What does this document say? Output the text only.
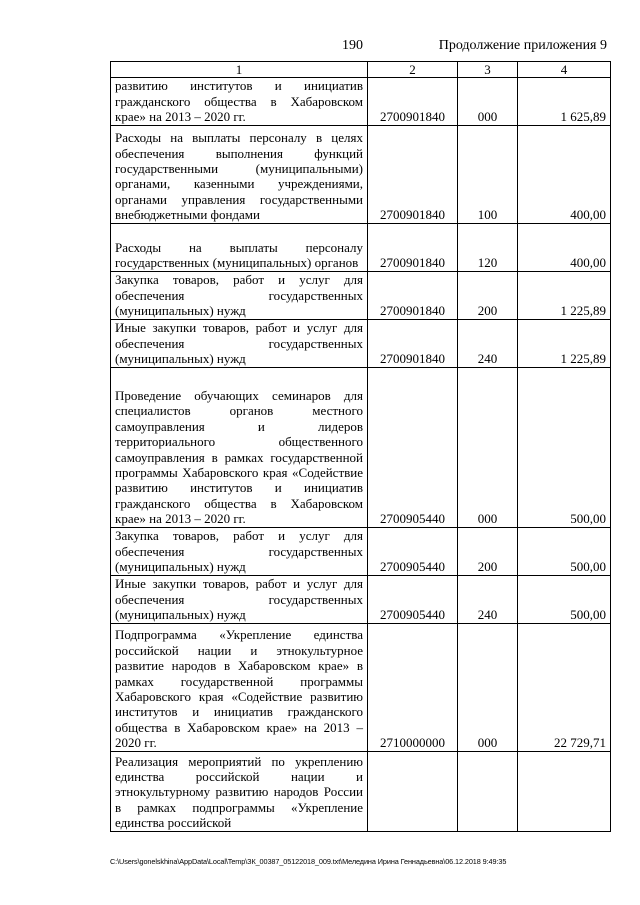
190	Продолжение приложения 9
1	2	3	4
развитию институтов и инициатив гражданского общества в Хабаровском крае» на 2013 – 2020 гг.	2700901840	000	1 625,89
Расходы на выплаты персоналу в целях обеспечения выполнения функций государственными (муниципальными) органами, казенными учреждениями, органами управления государственными внебюджетными фондами	2700901840	100	400,00
Расходы на выплаты персоналу государственных (муниципальных) органов	2700901840	120	400,00
Закупка товаров, работ и услуг для обеспечения государственных (муниципальных) нужд	2700901840	200	1 225,89
Иные закупки товаров, работ и услуг для обеспечения государственных (муниципальных) нужд	2700901840	240	1 225,89
Проведение обучающих семинаров для специалистов органов местного самоуправления и лидеров территориального общественного самоуправления в рамках государственной программы Хабаровского края «Содействие развитию институтов и инициатив гражданского общества в Хабаровском крае» на 2013 – 2020 гг.	2700905440	000	500,00
Закупка товаров, работ и услуг для обеспечения государственных (муниципальных) нужд	2700905440	200	500,00
Иные закупки товаров, работ и услуг для обеспечения государственных (муниципальных) нужд	2700905440	240	500,00
Подпрограмма «Укрепление единства российской нации и этнокультурное развитие народов в Хабаровском крае» в рамках государственной программы Хабаровского края «Содействие развитию институтов и инициатив гражданского общества в Хабаровском крае» на 2013 – 2020 гг.	2710000000	000	22 729,71
Реализация мероприятий по укреплению единства российской нации и этнокультурному развитию народов России в рамках подпрограммы «Укрепление единства российской			
C:\Users\gonelskhina\AppData\Local\Temp\ЗК_00387_05122018_009.txt\Меледина Ирина Геннадьевна\06.12.2018 9:49:35
